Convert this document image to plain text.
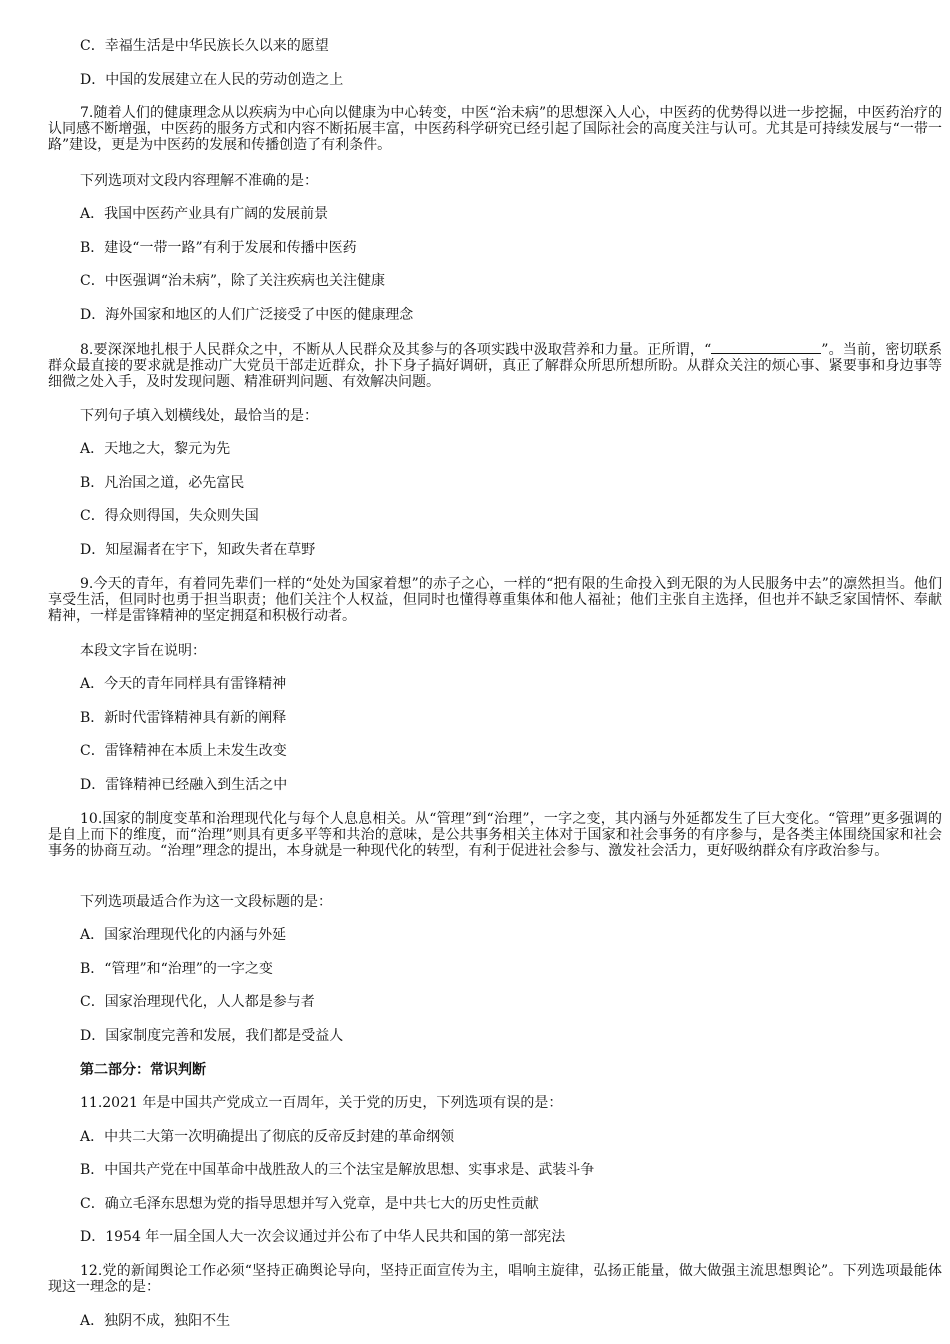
C．幸福生活是中华民族长久以来的愿望
D．中国的发展建立在人民的劳动创造之上
7.随着人们的健康理念从以疾病为中心向以健康为中心转变，中医“治未病”的思想深入人心，中医药的优势得以进一步挖掘，中医药治疗的认同感不断增强，中医药的服务方式和内容不断拓展丰富，中医药科学研究已经引起了国际社会的高度关注与认可。尤其是可持续发展与“一带一路”建设，更是为中医药的发展和传播创造了有利条件。
下列选项对文段内容理解不准确的是：
A．我国中医药产业具有广阔的发展前景
B．建设“一带一路”有利于发展和传播中医药
C．中医强调“治未病”，除了关注疾病也关注健康
D．海外国家和地区的人们广泛接受了中医的健康理念
8.要深深地扎根于人民群众之中，不断从人民群众及其参与的各项实践中汲取营养和力量。正所谓，“	”。当前，密切联系群众最直接的要求就是推动广大党员干部走近群众，扑下身子搞好调研，真正了解群众所思所想所盼。从群众关注的烦心事、紧要事和身边事等细微之处入手，及时发现问题、精准研判问题、有效解决问题。
下列句子填入划横线处，最恰当的是：
A．天地之大，黎元为先
B．凡治国之道，必先富民
C．得众则得国，失众则失国
D．知屋漏者在宇下，知政失者在草野
9.今天的青年，有着同先辈们一样的“处处为国家着想”的赤子之心，一样的“把有限的生命投入到无限的为人民服务中去”的凛然担当。他们享受生活，但同时也勇于担当职责；他们关注个人权益，但同时也懂得尊重集体和他人福祉；他们主张自主选择，但也并不缺乏家国情怀、奉献精神，一样是雷锋精神的坚定拥趸和积极行动者。
本段文字旨在说明：
A．今天的青年同样具有雷锋精神
B．新时代雷锋精神具有新的阐释
C．雷锋精神在本质上未发生改变
D．雷锋精神已经融入到生活之中
10.国家的制度变革和治理现代化与每个人息息相关。从“管理”到“治理”，一字之变，其内涵与外延都发生了巨大变化。“管理”更多强调的是自上而下的维度，而“治理”则具有更多平等和共治的意味，是公共事务相关主体对于国家和社会事务的有序参与，是各类主体围绕国家和社会事务的协商互动。“治理”理念的提出，本身就是一种现代化的转型，有利于促进社会参与、激发社会活力，更好吸纳群众有序政治参与。
下列选项最适合作为这一文段标题的是：
A．国家治理现代化的内涵与外延
B．“管理”和“治理”的一字之变
C．国家治理现代化，人人都是参与者
D．国家制度完善和发展，我们都是受益人
第二部分：常识判断
11.2021 年是中国共产党成立一百周年，关于党的历史，下列选项有误的是：
A．中共二大第一次明确提出了彻底的反帝反封建的革命纲领
B．中国共产党在中国革命中战胜敌人的三个法宝是解放思想、实事求是、武装斗争
C．确立毛泽东思想为党的指导思想并写入党章，是中共七大的历史性贡献
D．1954 年一届全国人大一次会议通过并公布了中华人民共和国的第一部宪法
12.党的新闻舆论工作必须“坚持正确舆论导向，坚持正面宣传为主，唱响主旋律，弘扬正能量，做大做强主流思想舆论”。下列选项最能体现这一理念的是：
A．独阴不成，独阳不生
